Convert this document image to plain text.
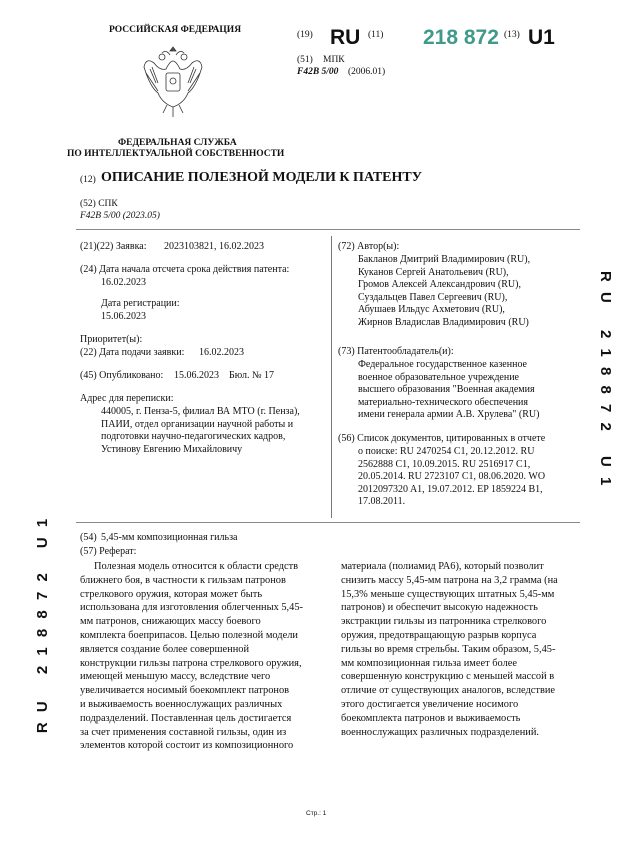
РОССИЙСКАЯ ФЕДЕРАЦИЯ
ФЕДЕРАЛЬНАЯ СЛУЖБА
ПО ИНТЕЛЛЕКТУАЛЬНОЙ СОБСТВЕННОСТИ
(19) RU (11) 218 872 (13) U1
(51) МПК
F42B 5/00 (2006.01)
(12) ОПИСАНИЕ ПОЛЕЗНОЙ МОДЕЛИ К ПАТЕНТУ
(52) СПК
F42B 5/00 (2023.05)
(21)(22) Заявка: 2023103821, 16.02.2023
(24) Дата начала отсчета срока действия патента:
16.02.2023
Дата регистрации:
15.06.2023
Приоритет(ы):
(22) Дата подачи заявки: 16.02.2023
(45) Опубликовано: 15.06.2023 Бюл. № 17
Адрес для переписки:
440005, г. Пенза-5, филиал ВА МТО (г. Пенза),
ПАИИ, отдел организации научной работы и
подготовки научно-педагогических кадров,
Устинову Евгению Михайловичу
(72) Автор(ы):
Бакланов Дмитрий Владимирович (RU),
Куканов Сергей Анатольевич (RU),
Громов Алексей Александрович (RU),
Суздальцев Павел Сергеевич (RU),
Абушаев Ильдус Ахметович (RU),
Жирнов Владислав Владимирович (RU)
(73) Патентообладатель(и):
Федеральное государственное казенное
военное образовательное учреждение
высшего образования "Военная академия
материально-технического обеспечения
имени генерала армии А.В. Хрулева" (RU)
(56) Список документов, цитированных в отчете
о поиске: RU 2470254 C1, 20.12.2012. RU
2562888 C1, 10.09.2015. RU 2516917 C1,
20.05.2014. RU 2723107 C1, 08.06.2020. WO
2012097320 A1, 19.07.2012. EP 1859224 B1,
17.08.2011.
R U2 1 8 8 7 2U 1
R U2 1 8 8 7 2U 1	(54) 5,45-мм композиционная гильза
(57) Реферат:
Полезная модель относится к области средств
ближнего боя, в частности к гильзам патронов
стрелкового оружия, которая может быть
использована для изготовления облегченных 5,45-
мм патронов, снижающих массу боевого
комплекта боеприпасов. Целью полезной модели
является создание более совершенной
конструкции гильзы патрона стрелкового оружия,
имеющей меньшую массу, вследствие чего
увеличивается носимый боекомплект патронов
и выживаемость военнослужащих различных
подразделений. Поставленная цель достигается
за счет применения составной гильзы, один из
элементов которой состоит из композиционного
материала (полиамид РА6), который позволит
снизить массу 5,45-мм патрона на 3,2 грамма (на
15,3% меньше существующих штатных 5,45-мм
патронов) и обеспечит высокую надежность
экстракции гильзы из патронника стрелкового
оружия, предотвращающую разрыв корпуса
гильзы во время стрельбы. Таким образом, 5,45-
мм композиционная гильза имеет более
совершенную конструкцию с меньшей массой в
отличие от существующих аналогов, вследствие
этого достигается увеличение носимого
боекомплекта патронов и выживаемость
военнослужащих различных подразделений.
Стр.: 1
